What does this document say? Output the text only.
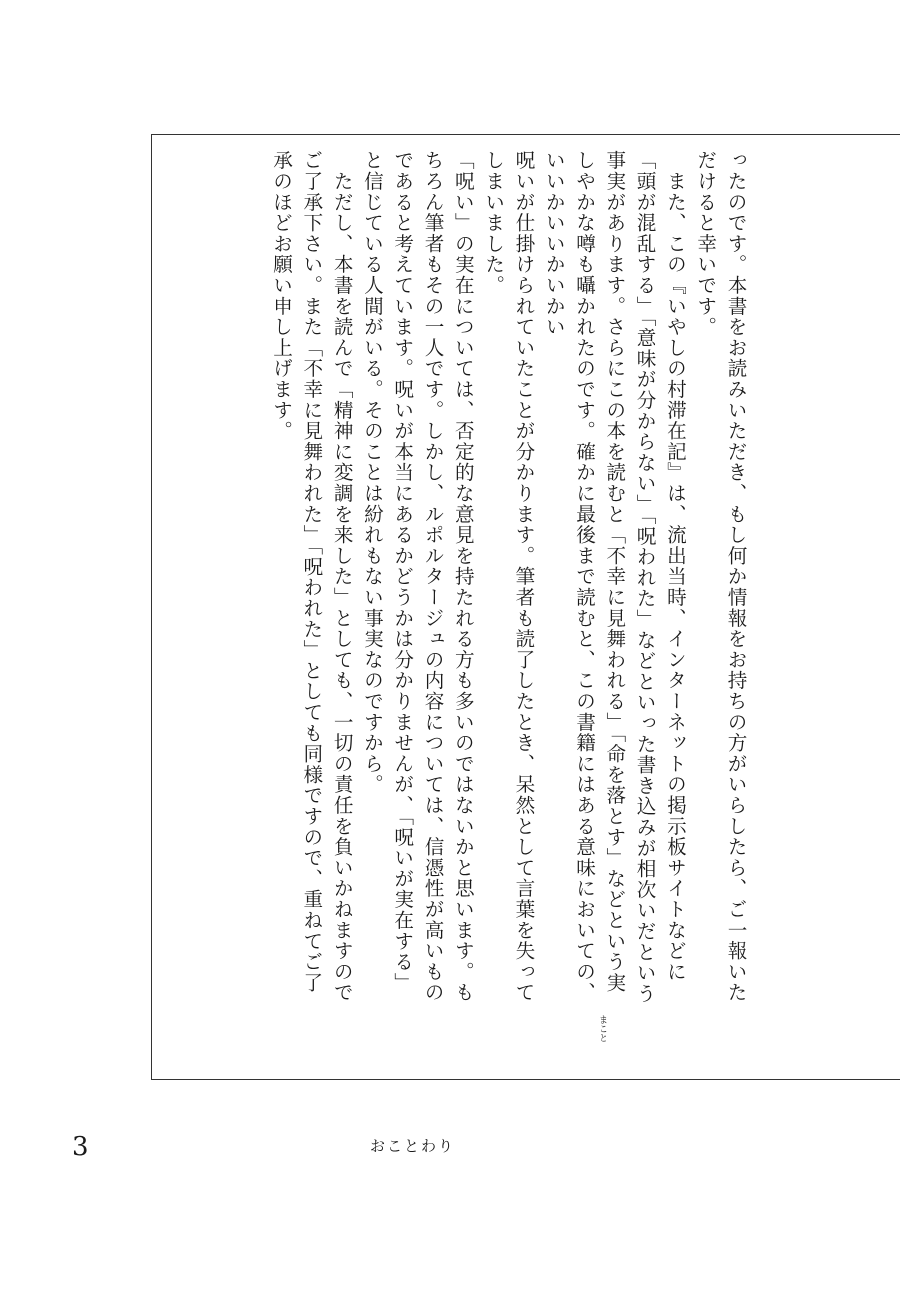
ったのです。本書をお読みいただき、もし何か情報をお持ちの方がいらしたら、ご一報いた
だけると幸いです。

　また、この『いやしの村滞在記』は、流出当時、インターネットの掲示板サイトなどに
「頭が混乱する」「意味が分からない」「呪われた」などといった書き込みが相次いだという
事実があります。さらにこの本を読むと「不幸に見舞われる」「命を落とす」などという実
しやかな噂も囁かれたのです。確かに最後まで読むと、この書籍にはある意味においての、
いいかいいかいかい
呪いが仕掛けられていたことが分かります。筆者も読了したとき、呆然として言葉を失って
しまいました。

「呪い」の実在については、否定的な意見を持たれる方も多いのではないかと思います。も
ちろん筆者もその一人です。しかし、ルポルタージュの内容については、信憑性が高いもの
であると考えています。呪いが本当にあるかどうかは分かりませんが、「呪いが実在する」
と信じている人間がいる。そのことは紛れもない事実なのですから。

　ただし、本書を読んで「精神に変調を来した」としても、一切の責任を負いかねますので
ご了承下さい。また「不幸に見舞われた」「呪われた」としても同様ですので、重ねてご了
承のほどお願い申し上げます。

まこと
3	おことわり
